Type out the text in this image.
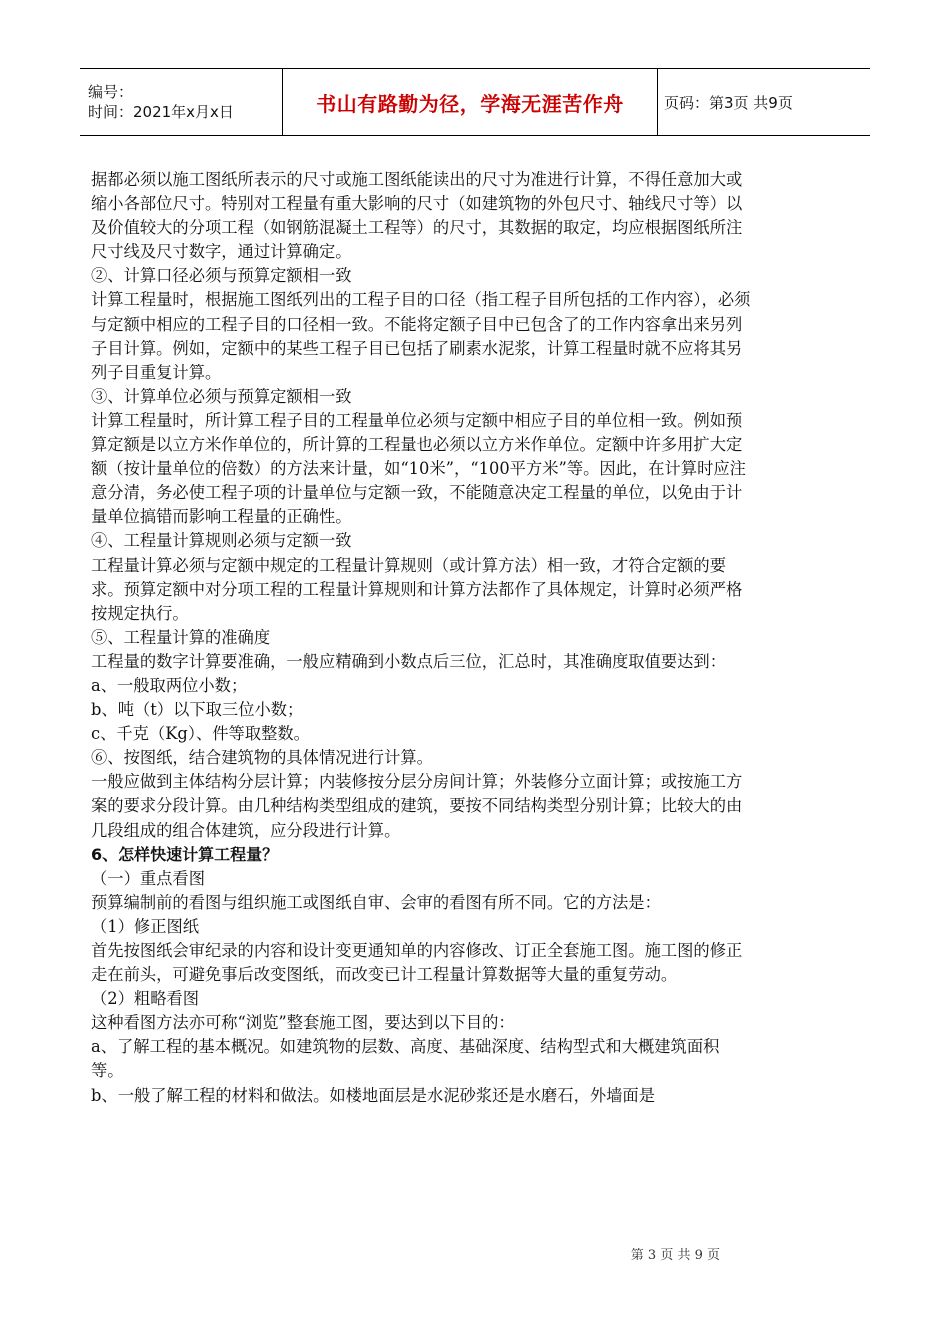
编号：
时间：2021年x月x日	书山有路勤为径，学海无涯苦作舟	页码：第3页 共9页

据都必须以施工图纸所表示的尺寸或施工图纸能读出的尺寸为准进行计算，不得任意加大或缩小各部位尺寸。特别对工程量有重大影响的尺寸（如建筑物的外包尺寸、轴线尺寸等）以及价值较大的分项工程（如钢筋混凝土工程等）的尺寸，其数据的取定，均应根据图纸所注尺寸线及尺寸数字，通过计算确定。

②、计算口径必须与预算定额相一致

计算工程量时，根据施工图纸列出的工程子目的口径（指工程子目所包括的工作内容），必须与定额中相应的工程子目的口径相一致。不能将定额子目中已包含了的工作内容拿出来另列子目计算。例如，定额中的某些工程子目已包括了刷素水泥浆，计算工程量时就不应将其另列子目重复计算。

③、计算单位必须与预算定额相一致

计算工程量时，所计算工程子目的工程量单位必须与定额中相应子目的单位相一致。例如预算定额是以立方米作单位的，所计算的工程量也必须以立方米作单位。定额中许多用扩大定额（按计量单位的倍数）的方法来计量，如“10米”，“100平方米”等。因此，在计算时应注意分清，务必使工程子项的计量单位与定额一致，不能随意决定工程量的单位，以免由于计量单位搞错而影响工程量的正确性。

④、工程量计算规则必须与定额一致

工程量计算必须与定额中规定的工程量计算规则（或计算方法）相一致，才符合定额的要求。预算定额中对分项工程的工程量计算规则和计算方法都作了具体规定，计算时必须严格按规定执行。

⑤、工程量计算的准确度

工程量的数字计算要准确，一般应精确到小数点后三位，汇总时，其准确度取值要达到：

a、一般取两位小数；

b、吨（t）以下取三位小数；

c、千克（Kg）、件等取整数。

⑥、按图纸，结合建筑物的具体情况进行计算。

一般应做到主体结构分层计算；内装修按分层分房间计算；外装修分立面计算；或按施工方案的要求分段计算。由几种结构类型组成的建筑，要按不同结构类型分别计算；比较大的由几段组成的组合体建筑，应分段进行计算。

6、怎样快速计算工程量？

（一）重点看图

预算编制前的看图与组织施工或图纸自审、会审的看图有所不同。它的方法是：

（1）修正图纸

首先按图纸会审纪录的内容和设计变更通知单的内容修改、订正全套施工图。施工图的修正走在前头，可避免事后改变图纸，而改变已计工程量计算数据等大量的重复劳动。

（2）粗略看图

这种看图方法亦可称“浏览”整套施工图，要达到以下目的：

a、了解工程的基本概况。如建筑物的层数、高度、基础深度、结构型式和大概建筑面积等。

b、一般了解工程的材料和做法。如楼地面层是水泥砂浆还是水磨石，外墙面是

第 3 页 共 9 页
